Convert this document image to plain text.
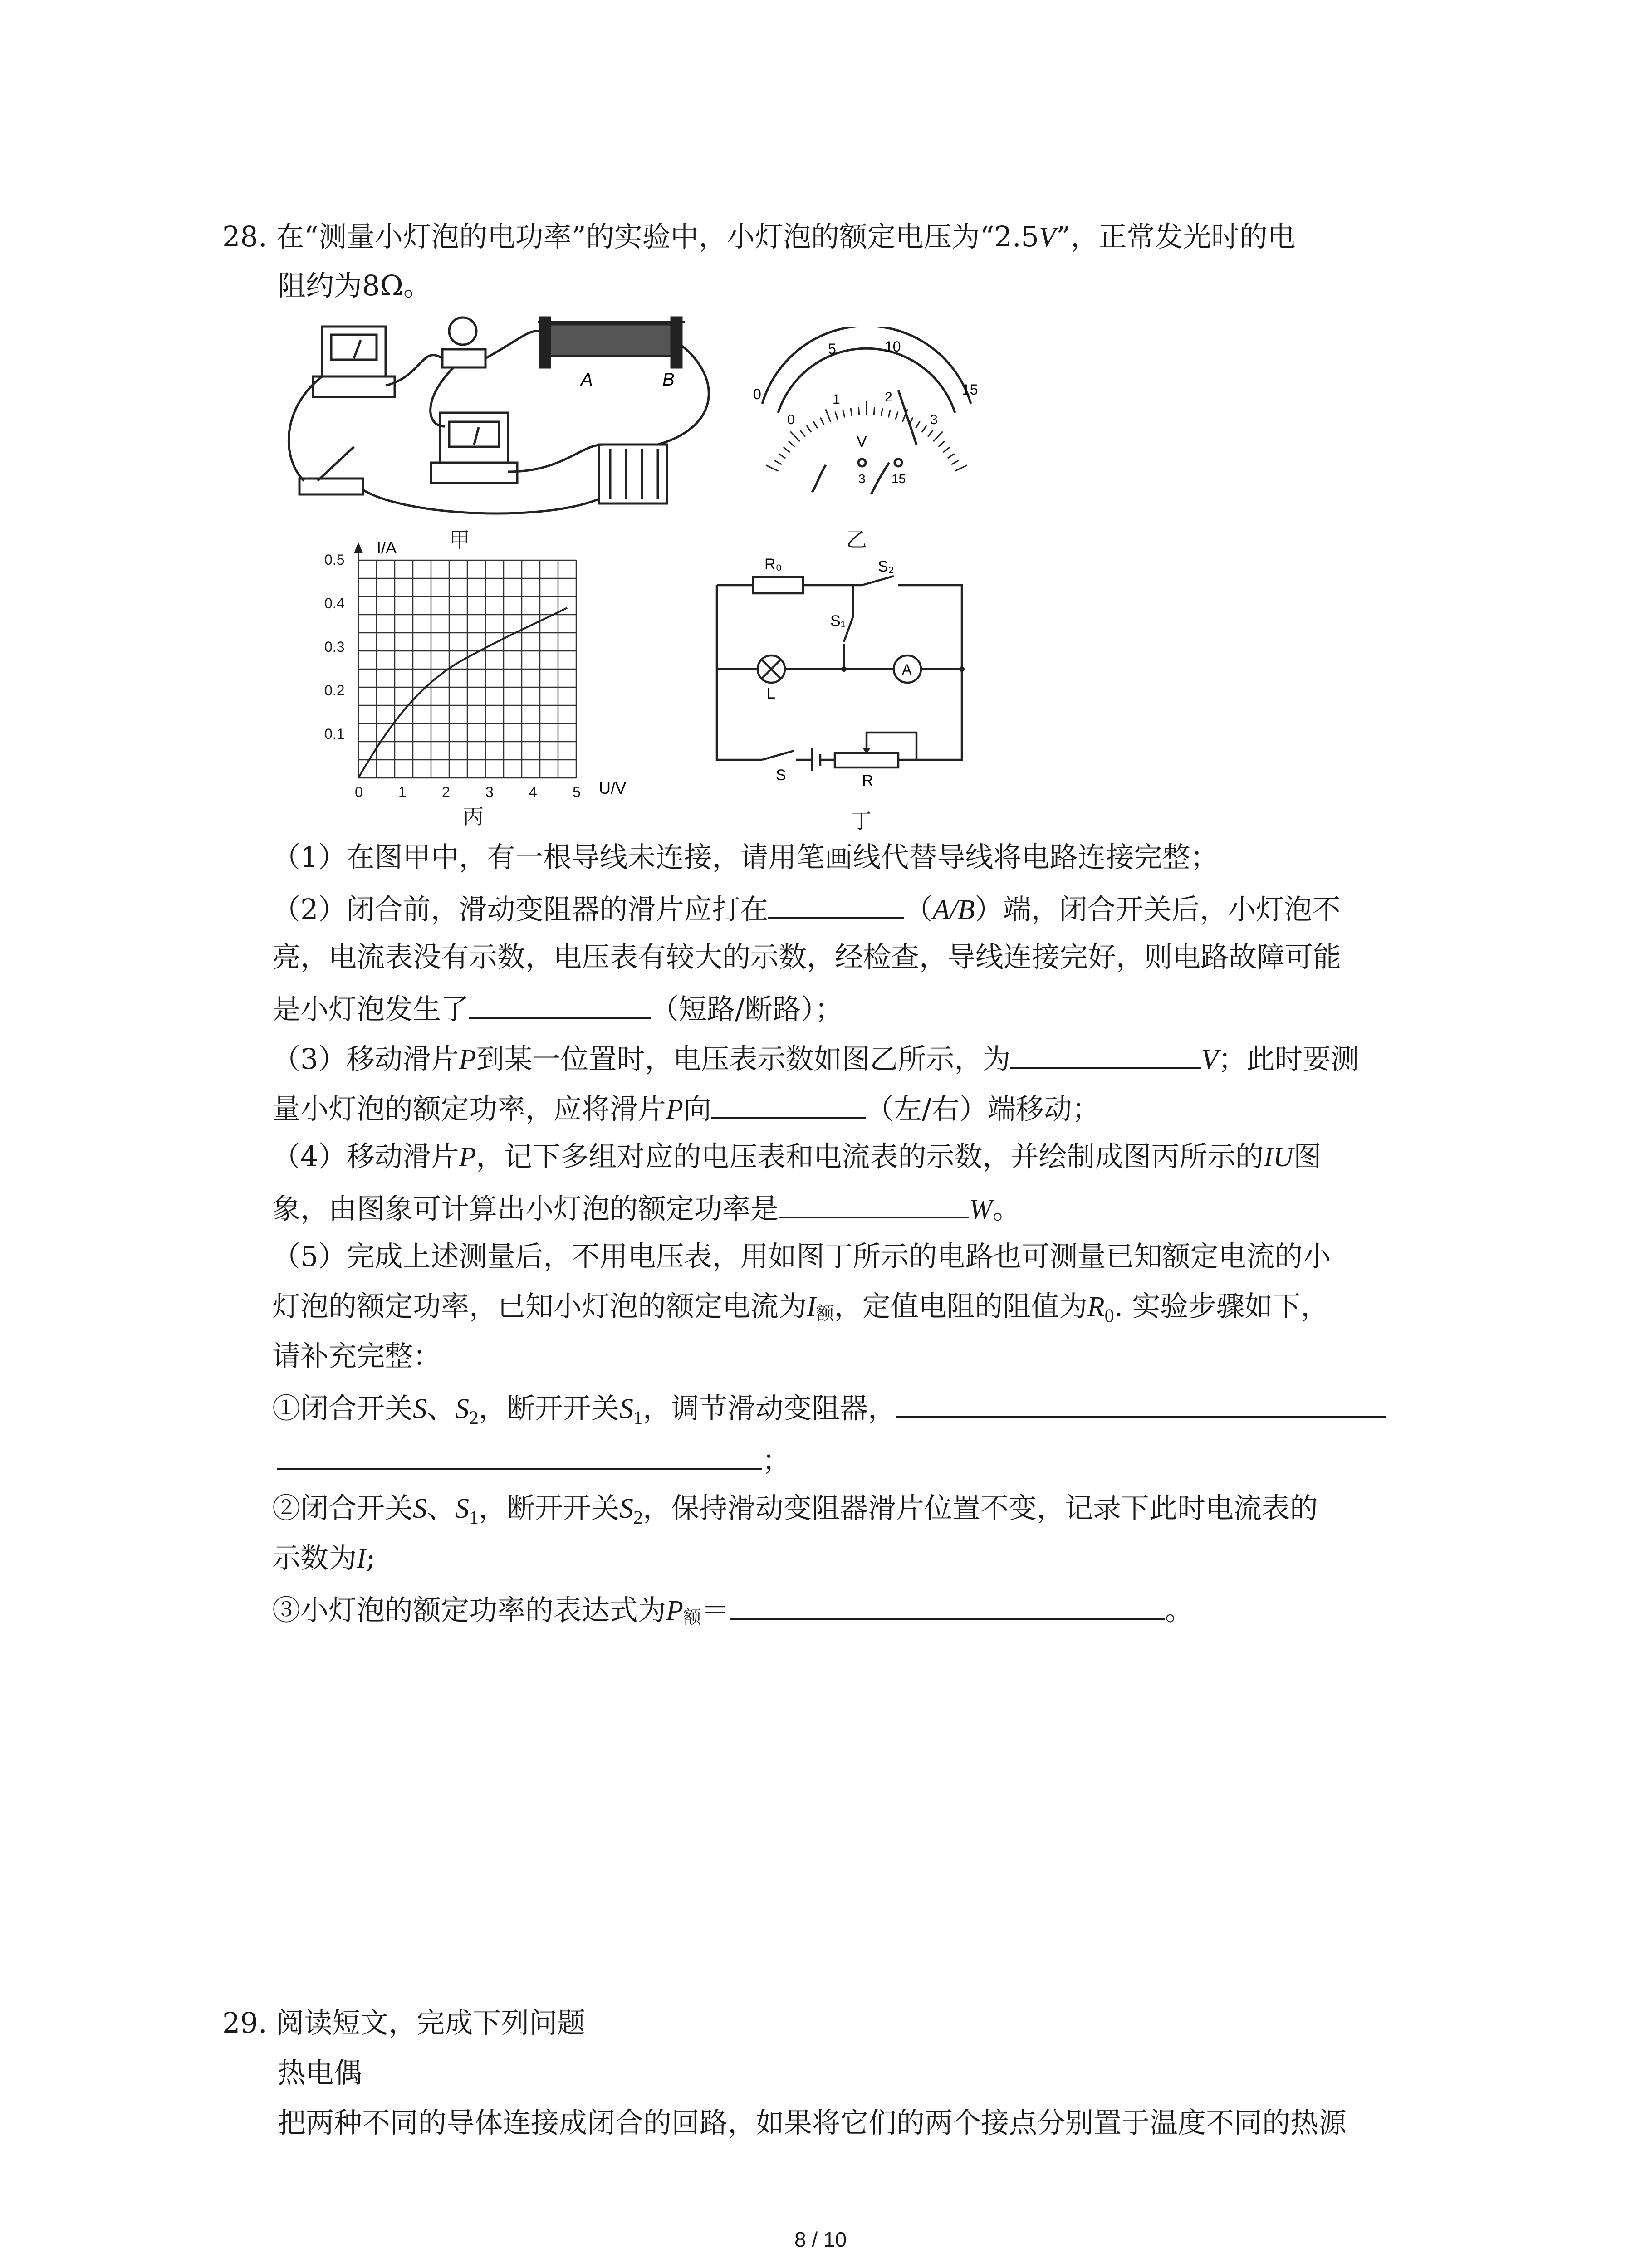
28. 在“测量小灯泡的电功率”的实验中，小灯泡的额定电压为“2.5V”，正常发光时的电
阻约为8Ω。
A	B
甲
0
5	10
15
0
1	2
3
V
3 15
乙
I/A
U/V
0.1
0.2
0.3
0.4
0.5
0 1 2 3 4 5
丙
R₀	S₂
S₁
L
A
S	R
丁
（1）在图甲中，有一根导线未连接，请用笔画线代替导线将电路连接完整；
（2）闭合前，滑动变阻器的滑片应打在	（A/B）端，闭合开关后，小灯泡不
亮，电流表没有示数，电压表有较大的示数，经检查，导线连接完好，则电路故障可能
是小灯泡发生了	（短路/断路）；
（3）移动滑片P到某一位置时，电压表示数如图乙所示，为	V；此时要测
量小灯泡的额定功率，应将滑片P向	（左/右）端移动；
（4）移动滑片P，记下多组对应的电压表和电流表的示数，并绘制成图丙所示的IU图
象，由图象可计算出小灯泡的额定功率是	W。
（5）完成上述测量后，不用电压表，用如图丁所示的电路也可测量已知额定电流的小
灯泡的额定功率，已知小灯泡的额定电流为$I_额$，定值电阻的阻值为$R_0$. 实验步骤如下，
请补充完整：
①闭合开关S、$S_2$，断开开关$S_1$，调节滑动变阻器，
；
②闭合开关S、$S_1$，断开开关$S_2$，保持滑动变阻器滑片位置不变，记录下此时电流表的
示数为I;
③小灯泡的额定功率的表达式为$P_额=$	。
29. 阅读短文，完成下列问题
热电偶
把两种不同的导体连接成闭合的回路，如果将它们的两个接点分别置于温度不同的热源
8 / 10
